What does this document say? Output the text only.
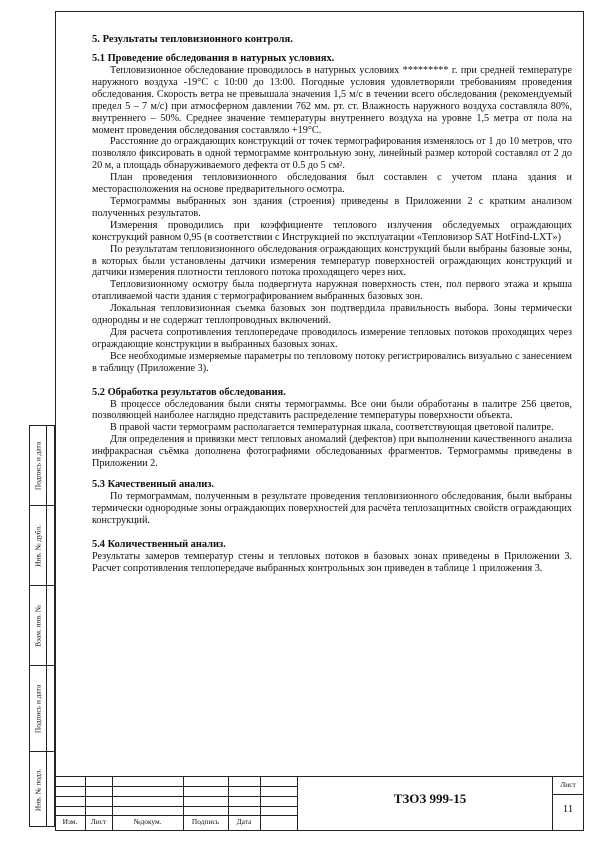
5. Результаты тепловизионного контроля.
5.1 Проведение обследования в натурных условиях.

Тепловизионное обследование проводилось в натурных условиях ********* г. при средней температуре наружного воздуха -19°С с 10:00 до 13:00. Погодные условия удовлетворяли требованиям проведения обследования. Скорость ветра не превышала значения 1,5 м/с в течении всего обследования (рекомендуемый предел 5 – 7 м/с) при атмосферном давлении 762 мм. рт. ст. Влажность наружного воздуха составляла 80%, внутреннего – 50%. Среднее значение температуры внутреннего воздуха на уровне 1,5 метра от пола на момент проведения обследования составляло +19°С.

Расстояние до ограждающих конструкций от точек термографирования изменялось от 1 до 10 метров, что позволяло фиксировать в одной термограмме контрольную зону, линейный размер которой составлял от 2 до 20 м, а площадь обнаруживаемого дефекта от 0.5 до 5 см².

План проведения тепловизионного обследования был составлен с учетом плана здания и месторасположения на основе предварительного осмотра.

Термограммы выбранных зон здания (строения) приведены в Приложении 2 с кратким анализом полученных результатов.

Измерения проводились при коэффициенте теплового излучения обследуемых ограждающих конструкций равном 0,95 (в соответствии с Инструкцией по эксплуатации «Тепловизор SAT HotFind-LXT»)

По результатам тепловизионного обследования ограждающих конструкций были выбраны базовые зоны, в которых были установлены датчики измерения температур поверхностей ограждающих конструкций и датчики измерения плотности теплового потока проходящего через них.

Тепловизионному осмотру была подвергнута наружная поверхность стен, пол первого этажа и крыша отапливаемой части здания с термографированием выбранных базовых зон.

Локальная тепловизионная съемка базовых зон подтвердила правильность выбора. Зоны термически однородны и не содержат теплопроводных включений.

Для расчета сопротивления теплопередаче проводилось измерение тепловых потоков проходящих через ограждающие конструкции в выбранных базовых зонах.

Все необходимые измеряемые параметры по тепловому потоку регистрировались визуально с занесением в таблицу (Приложение 3).

5.2 Обработка результатов обследования.

В процессе обследования были сняты термограммы. Все они были обработаны в палитре 256 цветов, позволяющей наиболее наглядно представить распределение температуры поверхности объекта.

В правой части термограмм располагается температурная шкала, соответствующая цветовой палитре.

Для определения и привязки мест тепловых аномалий (дефектов) при выполнении качественного анализа инфракрасная съёмка дополнена фотографиями обследованных фрагментов. Термограммы приведены в Приложении 2.

5.3 Качественный анализ.

По термограммам, полученным в результате проведения тепловизионного обследования, были выбраны термически однородные зоны ограждающих поверхностей для расчёта теплозащитных свойств ограждающих конструкций.

5.4 Количественный анализ.

Результаты замеров температур стены и тепловых потоков в базовых зонах приведены в Приложении 3. Расчет сопротивления теплопередаче выбранных контрольных зон приведен в таблице 1 приложения 3.

Подпись и дата
Инв. № дубл.
Взам. инв. №
Подпись и дата
Инв. № подл.
Изм.	Лист	№докум.	Подпись	Дата
ТЗОЗ 999-15
Лист
11
